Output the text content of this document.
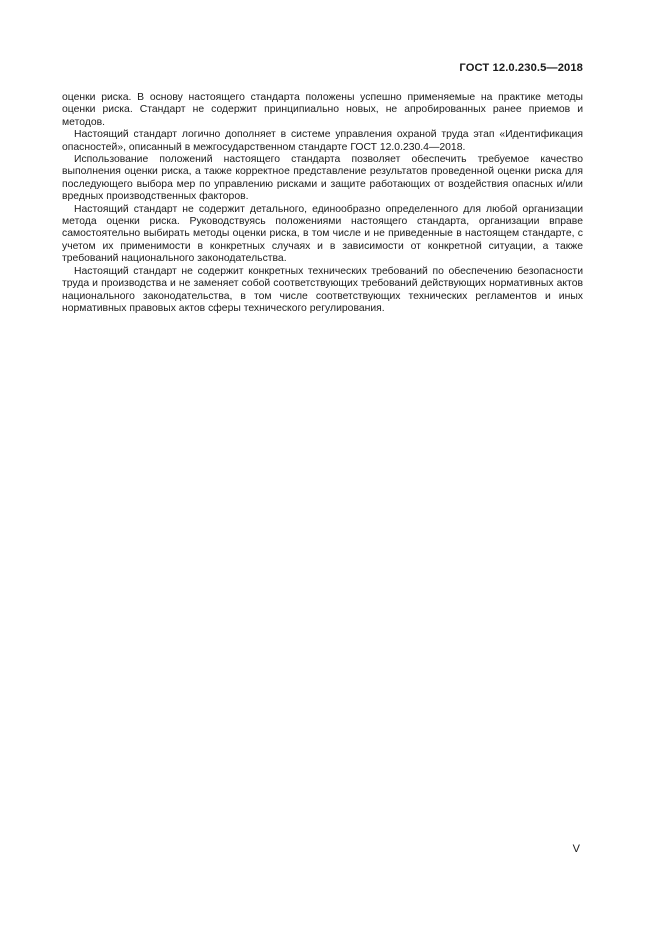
ГОСТ 12.0.230.5—2018

оценки риска. В основу настоящего стандарта положены успешно применяемые на практике методы оценки риска. Стандарт не содержит принципиально новых, не апробированных ранее приемов и методов.

Настоящий стандарт логично дополняет в системе управления охраной труда этап «Идентификация опасностей», описанный в межгосударственном стандарте ГОСТ 12.0.230.4—2018.

Использование положений настоящего стандарта позволяет обеспечить требуемое качество выполнения оценки риска, а также корректное представление результатов проведенной оценки риска для последующего выбора мер по управлению рисками и защите работающих от воздействия опасных и/или вредных производственных факторов.

Настоящий стандарт не содержит детального, единообразно определенного для любой организации метода оценки риска. Руководствуясь положениями настоящего стандарта, организации вправе самостоятельно выбирать методы оценки риска, в том числе и не приведенные в настоящем стандарте, с учетом их применимости в конкретных случаях и в зависимости от конкретной ситуации, а также требований национального законодательства.

Настоящий стандарт не содержит конкретных технических требований по обеспечению безопасности труда и производства и не заменяет собой соответствующих требований действующих нормативных актов национального законодательства, в том числе соответствующих технических регламентов и иных нормативных правовых актов сферы технического регулирования.

V
